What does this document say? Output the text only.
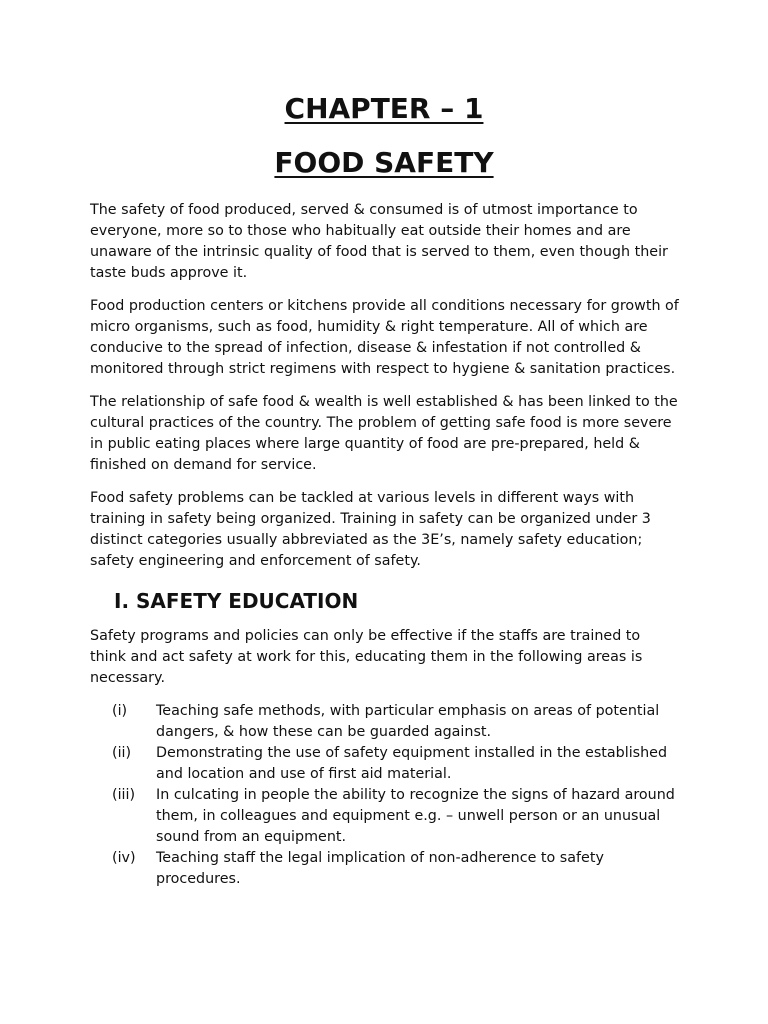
CHAPTER – 1
FOOD SAFETY

The safety of food produced, served & consumed is of utmost importance to everyone, more so to those who habitually eat outside their homes and are unaware of the intrinsic quality of food that is served to them, even though their taste buds approve it.

Food production centers or kitchens provide all conditions necessary for growth of micro organisms, such as food, humidity & right temperature. All of which are conducive to the spread of infection, disease & infestation if not controlled & monitored through strict regimens with respect to hygiene & sanitation practices.

The relationship of safe food & wealth is well established & has been linked to the cultural practices of the country. The problem of getting safe food is more severe in public eating places where large quantity of food are pre-prepared, held & finished on demand for service.

Food safety problems can be tackled at various levels in different ways with training in safety being organized. Training in safety can be organized under 3 distinct categories usually abbreviated as the 3E’s, namely safety education; safety engineering and enforcement of safety.

I. SAFETY EDUCATION

Safety programs and policies can only be effective if the staffs are trained to think and act safety at work for this, educating them in the following areas is necessary.

(i)	Teaching safe methods, with particular emphasis on areas of potential dangers, & how these can be guarded against.
(ii)	Demonstrating the use of safety equipment installed in the established and location and use of first aid material.
(iii)	In culcating in people the ability to recognize the signs of hazard around them, in colleagues and equipment e.g. – unwell person or an unusual sound from an equipment.
(iv)	Teaching staff the legal implication of non-adherence to safety procedures.
